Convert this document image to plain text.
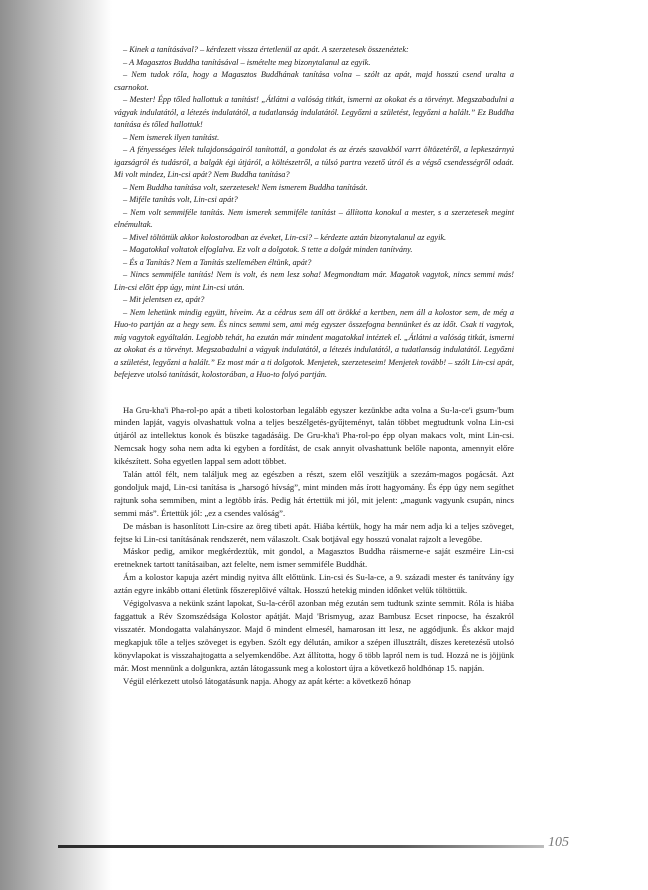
– Kinek a tanításával? – kérdezett vissza értetlenül az apát. A szerzetesek összenéztek:

– A Magasztos Buddha tanításával – ismételte meg bizonytalanul az egyik.

– Nem tudok róla, hogy a Magasztos Buddhának tanítása volna – szólt az apát, majd hosszú csend uralta a csarnokot.

– Mester! Épp tőled hallottuk a tanítást! „Átlátni a valóság titkát, ismerni az okokat és a törvényt. Megszabadulni a vágyak indulatától, a létezés indulatától, a tudatlanság indulatától. Legyőzni a születést, legyőzni a halált.” Ez Buddha tanítása és tőled hallottuk!

– Nem ismerek ilyen tanítást.

– A fényességes lélek tulajdonságairól tanítottál, a gondolat és az érzés szavakból varrt öltözetéről, a lepkeszárnyú igazságról és tudásról, a balgák égi útjáról, a költészetről, a túlsó partra vezető útról és a végső csendességről odaát. Mi volt mindez, Lin-csi apát? Nem Buddha tanítása?

– Nem Buddha tanítása volt, szerzetesek! Nem ismerem Buddha tanítását.

– Miféle tanítás volt, Lin-csi apát?

– Nem volt semmiféle tanítás. Nem ismerek semmiféle tanítást – állította konokul a mester, s a szerzetesek megint elnémultak.

– Mivel töltöttük akkor kolostorodban az éveket, Lin-csi? – kérdezte aztán bizonytalanul az egyik.

– Magatokkal voltatok elfoglalva. Ez volt a dolgotok. S tette a dolgát minden tanítvány.

– És a Tanítás? Nem a Tanítás szellemében éltünk, apát?

– Nincs semmiféle tanítás! Nem is volt, és nem lesz soha! Megmondtam már. Magatok vagytok, nincs semmi más! Lin-csi előtt épp úgy, mint Lin-csi után.

– Mit jelentsen ez, apát?

– Nem lehetünk mindig együtt, híveim. Az a cédrus sem áll ott örökké a kertben, nem áll a kolostor sem, de még a Huo-to partján az a hegy sem. És nincs semmi sem, ami még egyszer összefogna bennünket és az időt. Csak ti vagytok, míg vagytok egyáltalán. Legjobb tehát, ha ezután már mindent magatokkal intéztek el. „Átlátni a valóság titkát, ismerni az okokat és a törvényt. Megszabadulni a vágyak indulatától, a létezés indulatától, a tudatlanság indulatától. Legyőzni a születést, legyőzni a halált.” Ez most már a ti dolgotok. Menjetek, szerzeteseim! Menjetek tovább! – szólt Lin-csi apát, befejezve utolsó tanítását, kolostorában, a Huo-to folyó partján.

Ha Gru-kha'i Pha-rol-po apát a tibeti kolostorban legalább egyszer kezünkbe adta volna a Su-la-ce'i gsum-'bum minden lapját, vagyis olvashattuk volna a teljes beszélgetés-gyűjteményt, talán többet megtudtunk volna Lin-csi útjáról az intellektus konok és büszke tagadásáig. De Gru-kha'i Pha-rol-po épp olyan makacs volt, mint Lin-csi. Nemcsak hogy soha nem adta ki egyben a fordítást, de csak annyit olvashattunk belőle naponta, amennyit előre kikészített. Soha egyetlen lappal sem adott többet.

Talán attól félt, nem találjuk meg az egészben a részt, szem elől veszítjük a szezám-magos pogácsát. Azt gondoljuk majd, Lin-csi tanítása is „harsogó hívság”, mint minden más írott hagyomány. És épp úgy nem segíthet rajtunk soha semmiben, mint a legtöbb írás. Pedig hát értettük mi jól, mit jelent: „magunk vagyunk csupán, nincs semmi más”. Értettük jól: „ez a csendes valóság”.

De másban is hasonlított Lin-csire az öreg tibeti apát. Hiába kértük, hogy ha már nem adja ki a teljes szöveget, fejtse ki Lin-csi tanításának rendszerét, nem válaszolt. Csak botjával egy hosszú vonalat rajzolt a levegőbe.

Máskor pedig, amikor megkérdeztük, mit gondol, a Magasztos Buddha ráismerne-e saját eszméire Lin-csi eretneknek tartott tanításaiban, azt felelte, nem ismer semmiféle Buddhát.

Ám a kolostor kapuja azért mindig nyitva állt előttünk. Lin-csi és Su-la-ce, a 9. századi mester és tanítvány így aztán egyre inkább ottani életünk főszereplőivé váltak. Hosszú hetekig minden időnket velük töltöttük.

Végigolvasva a nekünk szánt lapokat, Su-la-céről azonban még ezután sem tudtunk szinte semmit. Róla is hiába faggattuk a Rév Szomszédsága Kolostor apátját. Majd 'Brismyug, azaz Bambusz Ecset rinpocse, ha északról visszatér. Mondogatta valahányszor. Majd ő mindent elmesél, hamarosan itt lesz, ne aggódjunk. És akkor majd megkapjuk tőle a teljes szöveget is egyben. Szólt egy délután, amikor a szépen illusztrált, díszes keretezésű utolsó könyvlapokat is visszahajtogatta a selyemkendőbe. Azt állította, hogy ő több lapról nem is tud. Hozzá ne is jöjjünk már. Most mennünk a dolgunkra, aztán látogassunk meg a kolostort újra a következő holdhónap 15. napján.

Végül elérkezett utolsó látogatásunk napja. Ahogy az apát kérte: a következő hónap

105
